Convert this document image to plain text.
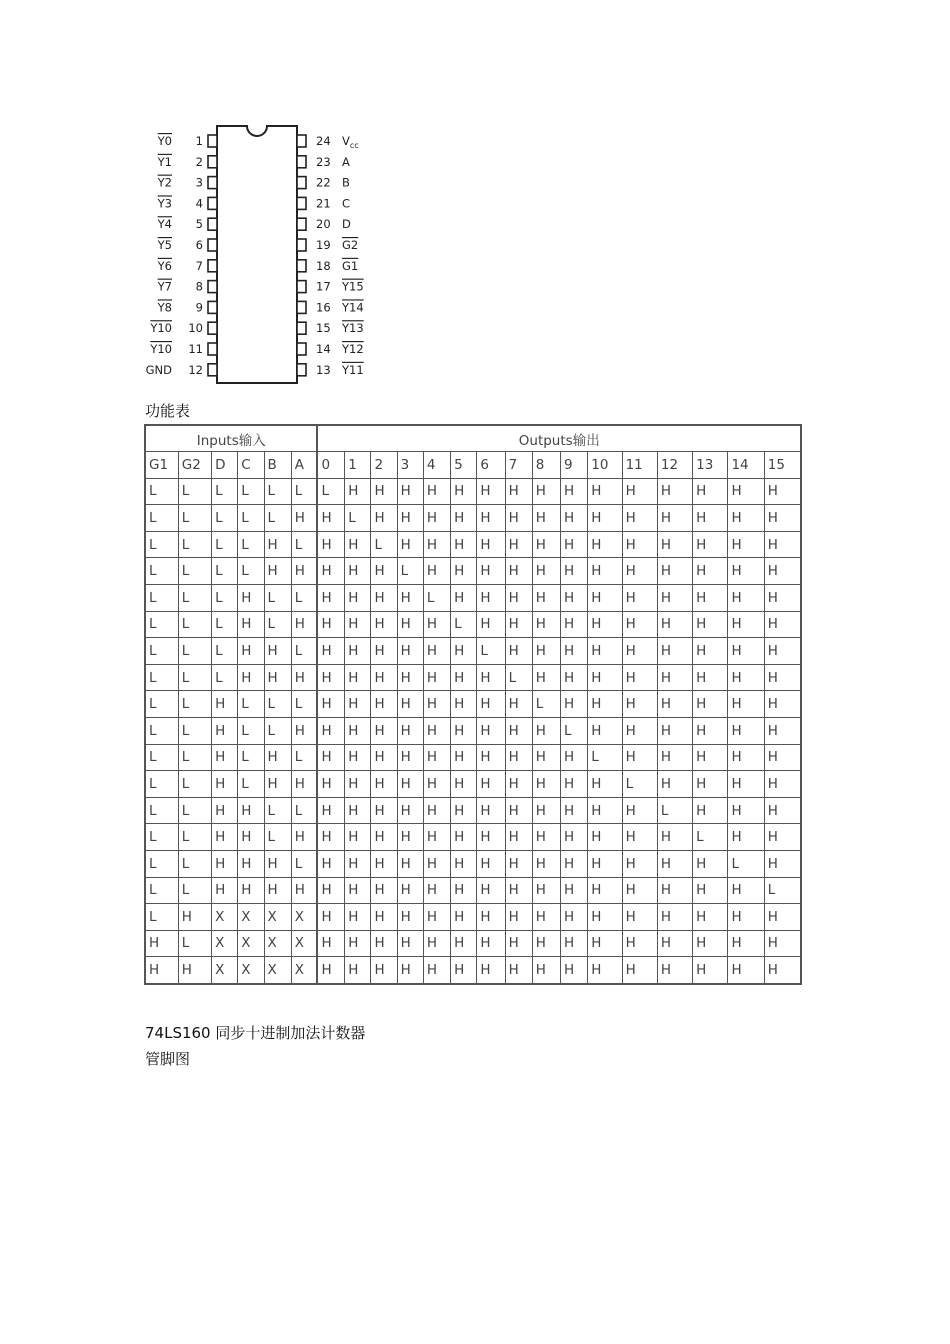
1
Y0
2
Y1
3
Y2
4
Y3
5
Y4
6
Y5
7
Y6
8
Y7
9
Y8
10
Y10
11
Y10
12
GND
24 $V_{cc}$
23 A
22 B
21 C
20 D
19 G2
18 G1
17 Y15
16 Y14
15 Y13
14 Y12
13 Y11
功能表
Inputs输入						Outputs输出															
G1	G2	D	C	B	A	0	1	2	3	4	5	6	7	8	9	10	11	12	13	14	15
L	L	L	L	L	L	L	H	H	H	H	H	H	H	H	H	H	H	H	H	H	H
L	L	L	L	L	H	H	L	H	H	H	H	H	H	H	H	H	H	H	H	H	H
L	L	L	L	H	L	H	H	L	H	H	H	H	H	H	H	H	H	H	H	H	H
L	L	L	L	H	H	H	H	H	L	H	H	H	H	H	H	H	H	H	H	H	H
L	L	L	H	L	L	H	H	H	H	L	H	H	H	H	H	H	H	H	H	H	H
L	L	L	H	L	H	H	H	H	H	H	L	H	H	H	H	H	H	H	H	H	H
L	L	L	H	H	L	H	H	H	H	H	H	L	H	H	H	H	H	H	H	H	H
L	L	L	H	H	H	H	H	H	H	H	H	H	L	H	H	H	H	H	H	H	H
L	L	H	L	L	L	H	H	H	H	H	H	H	H	L	H	H	H	H	H	H	H
L	L	H	L	L	H	H	H	H	H	H	H	H	H	H	L	H	H	H	H	H	H
L	L	H	L	H	L	H	H	H	H	H	H	H	H	H	H	L	H	H	H	H	H
L	L	H	L	H	H	H	H	H	H	H	H	H	H	H	H	H	L	H	H	H	H
L	L	H	H	L	L	H	H	H	H	H	H	H	H	H	H	H	H	L	H	H	H
L	L	H	H	L	H	H	H	H	H	H	H	H	H	H	H	H	H	H	L	H	H
L	L	H	H	H	L	H	H	H	H	H	H	H	H	H	H	H	H	H	H	L	H
L	L	H	H	H	H	H	H	H	H	H	H	H	H	H	H	H	H	H	H	H	L
L	H	X	X	X	X	H	H	H	H	H	H	H	H	H	H	H	H	H	H	H	H
H	L	X	X	X	X	H	H	H	H	H	H	H	H	H	H	H	H	H	H	H	H
H	H	X	X	X	X	H	H	H	H	H	H	H	H	H	H	H	H	H	H	H	H
74LS160 同步十进制加法计数器
管脚图
